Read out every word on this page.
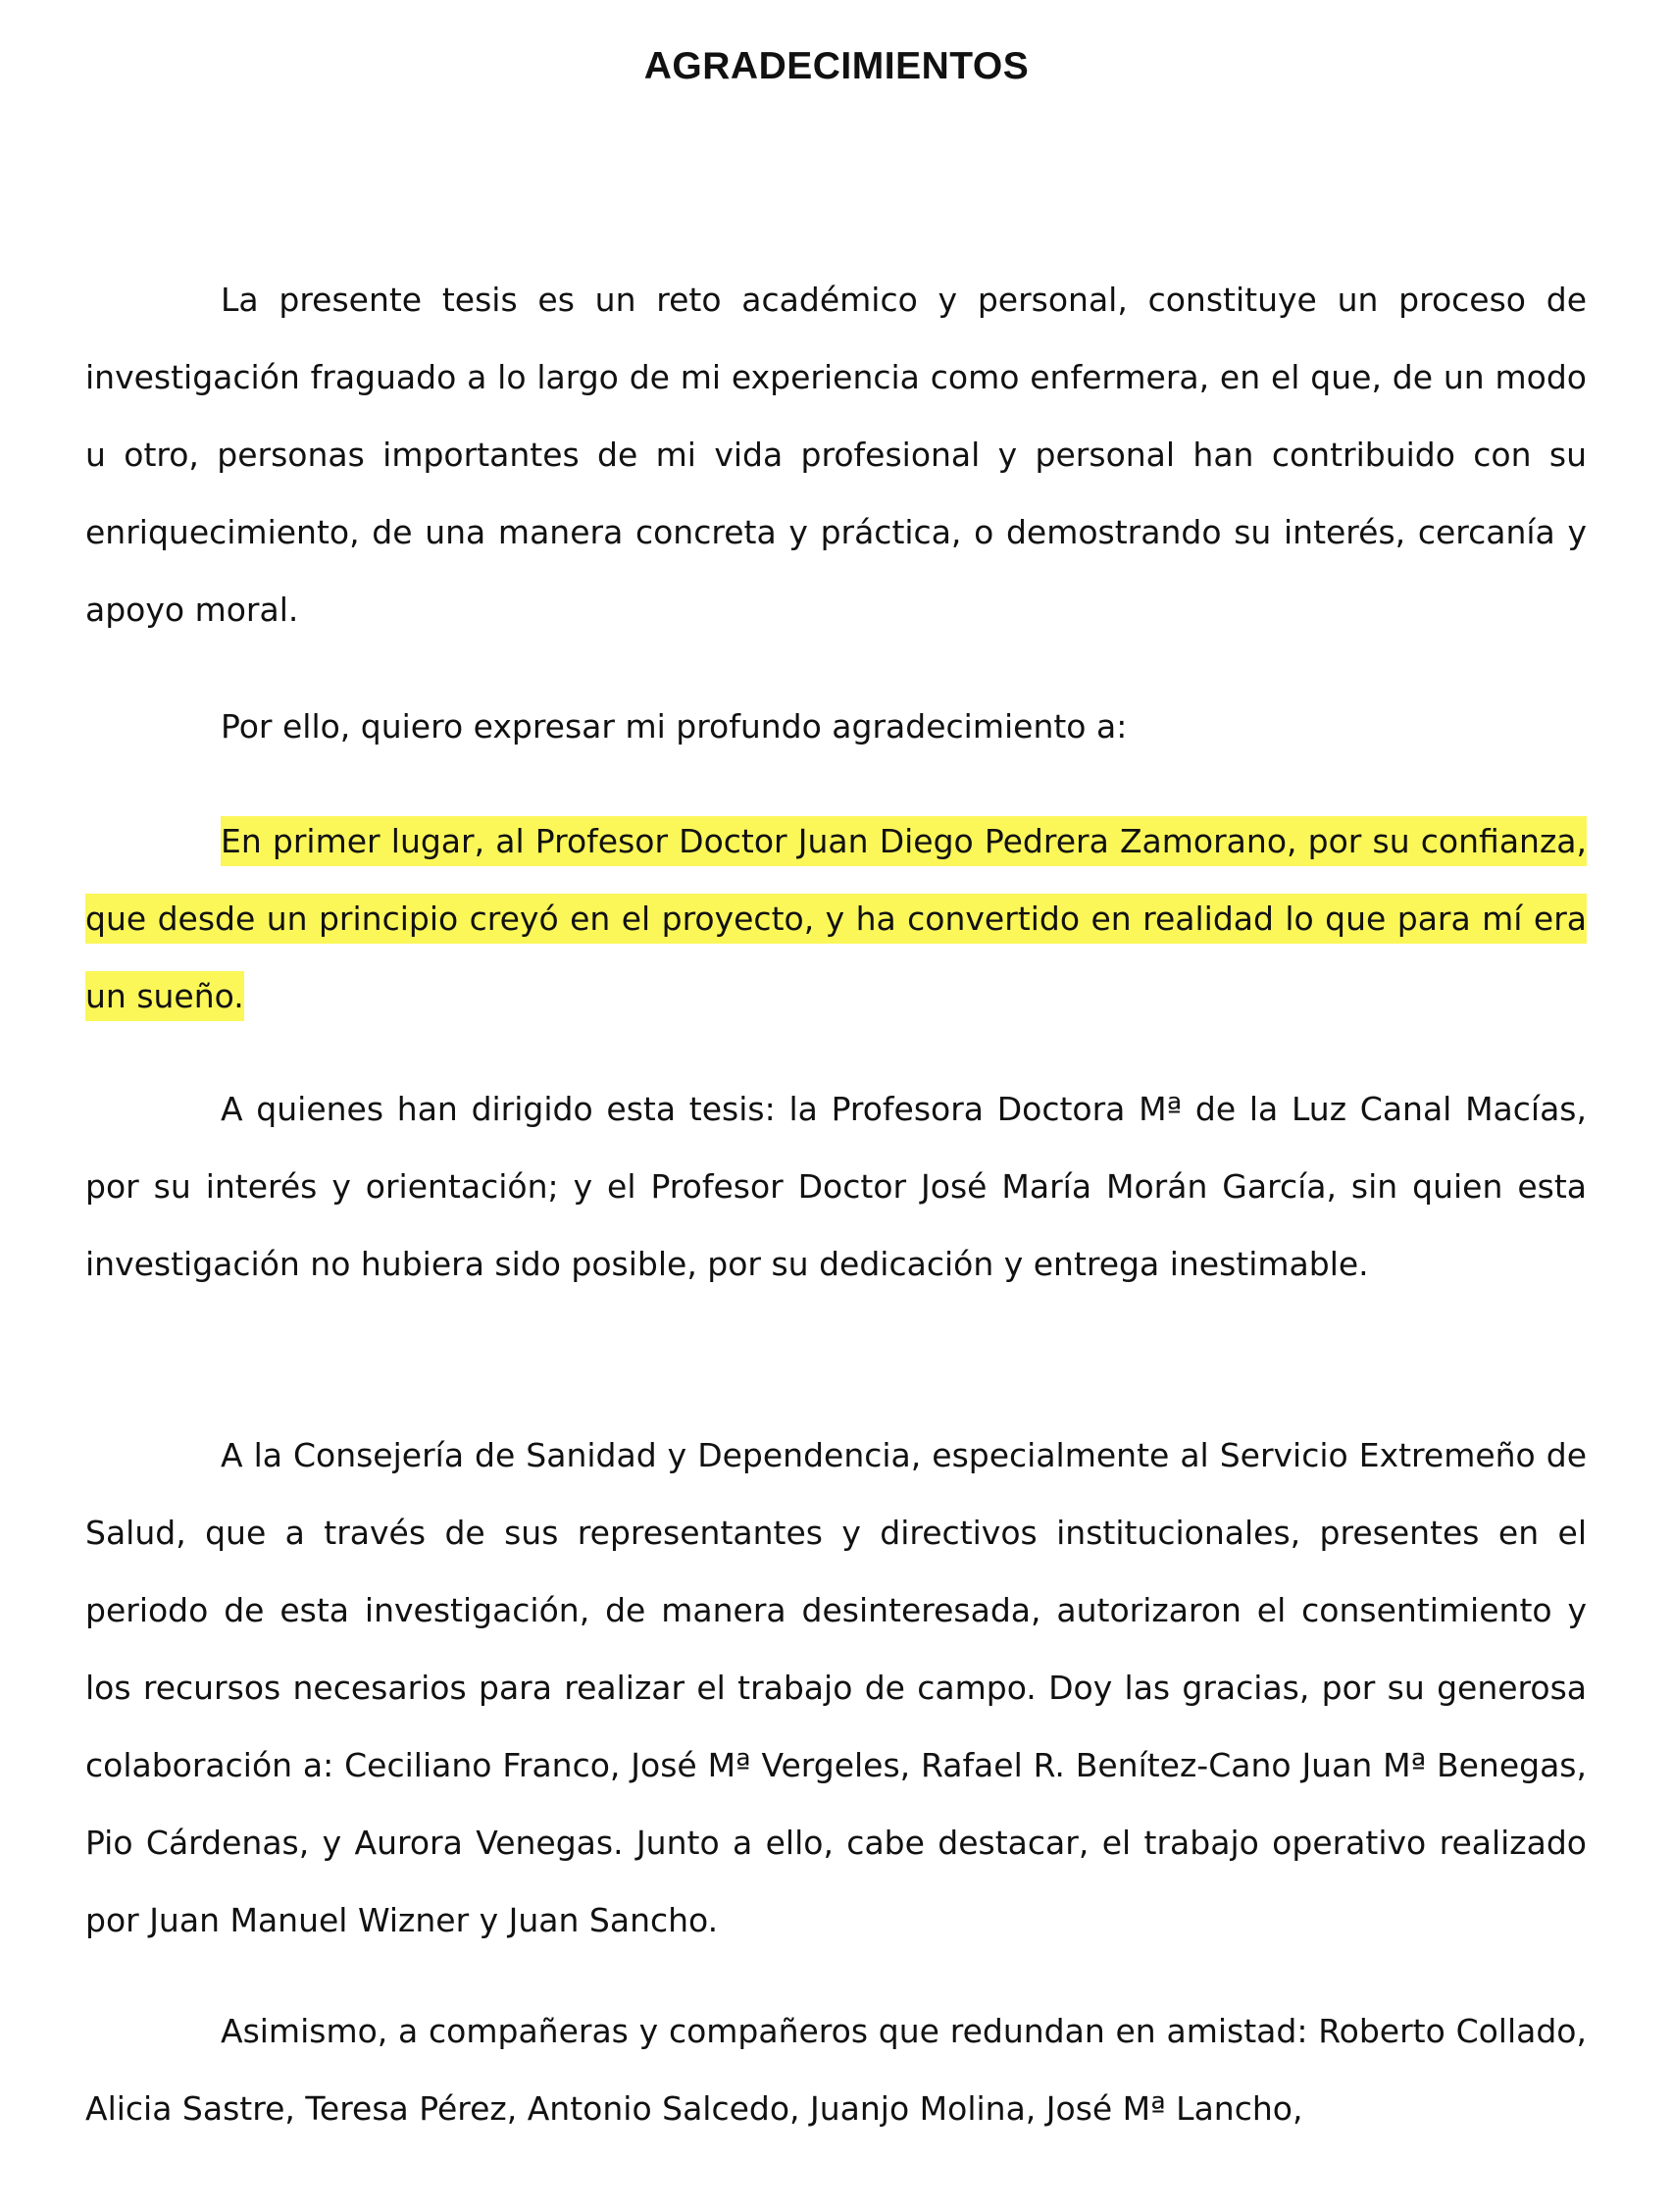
AGRADECIMIENTOS

La presente tesis es un reto académico y personal, constituye un proceso de investigación fraguado a lo largo de mi experiencia como enfermera, en el que, de un modo u otro, personas importantes de mi vida profesional y personal han contribuido con su enriquecimiento, de una manera concreta y práctica, o demostrando su interés, cercanía y apoyo moral.

Por ello, quiero expresar mi profundo agradecimiento a:

En primer lugar, al Profesor Doctor Juan Diego Pedrera Zamorano, por su confianza, que desde un principio creyó en el proyecto, y ha convertido en realidad lo que para mí era un sueño.

A quienes han dirigido esta tesis: la Profesora Doctora Mª de la Luz Canal Macías, por su interés y orientación; y el Profesor Doctor José María Morán García, sin quien esta investigación no hubiera sido posible, por su dedicación y entrega inestimable.

A la Consejería de Sanidad y Dependencia, especialmente al Servicio Extremeño de Salud, que a través de sus representantes y directivos institucionales, presentes en el periodo de esta investigación, de manera desinteresada, autorizaron el consentimiento y los recursos necesarios para realizar el trabajo de campo. Doy las gracias, por su generosa colaboración a: Ceciliano Franco, José Mª Vergeles, Rafael R. Benítez-Cano Juan Mª Benegas, Pio Cárdenas, y Aurora Venegas. Junto a ello, cabe destacar, el trabajo operativo realizado por Juan Manuel Wizner y Juan Sancho.

Asimismo, a compañeras y compañeros que redundan en amistad: Roberto Collado, Alicia Sastre, Teresa Pérez, Antonio Salcedo, Juanjo Molina, José Mª Lancho,
